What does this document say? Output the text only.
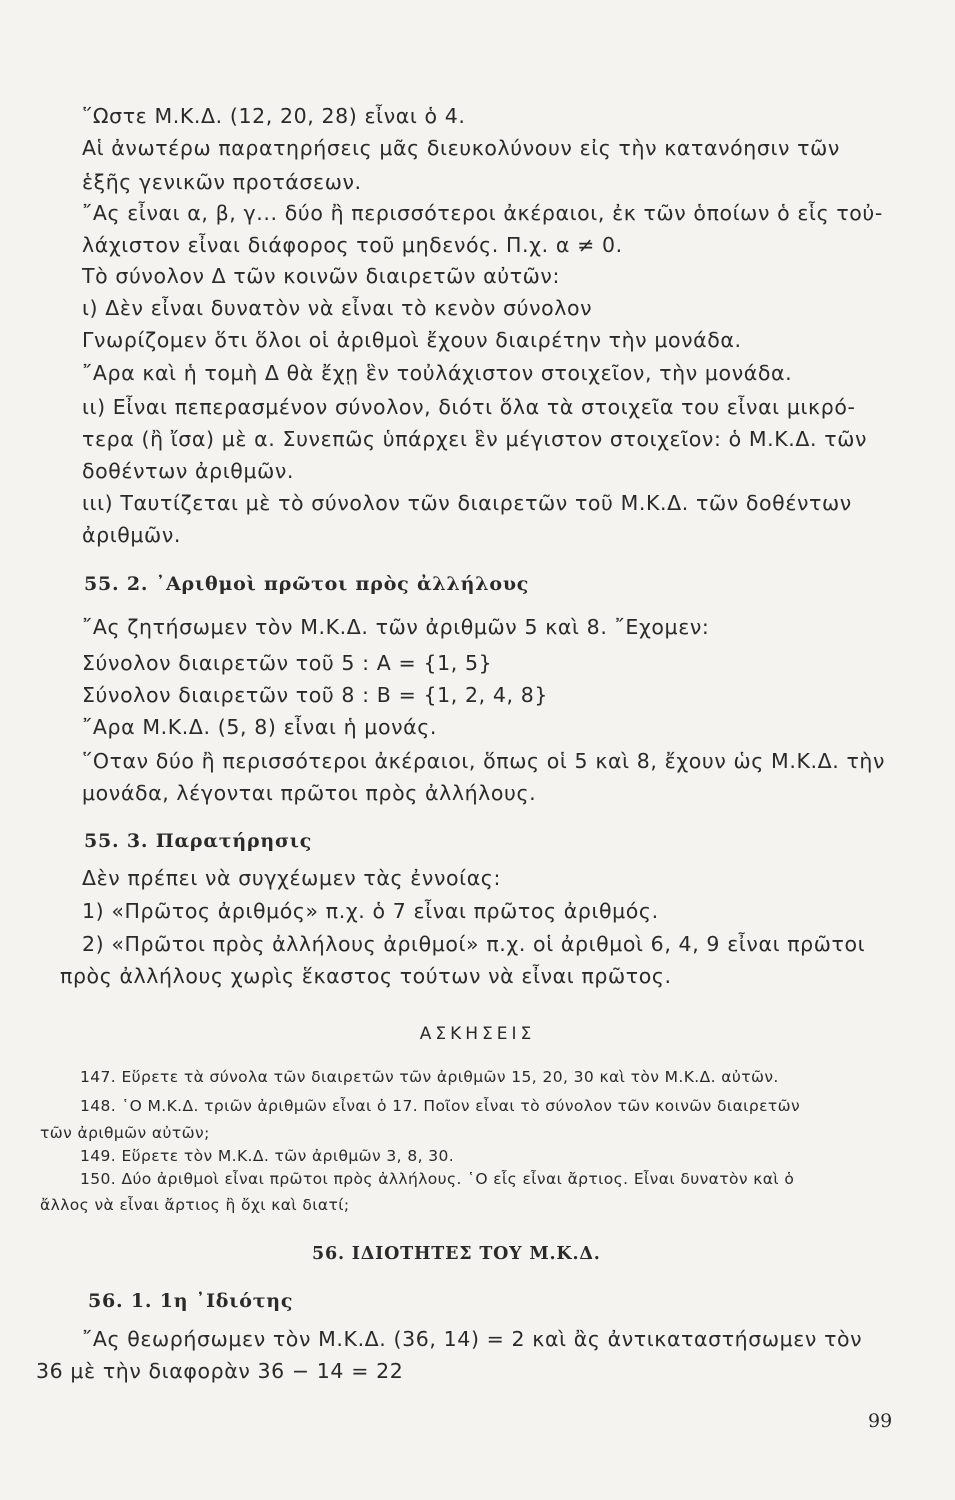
῞Ωστε Μ.Κ.Δ. (12, 20, 28) εἶναι ὁ 4.
Αἱ ἀνωτέρω παρατηρήσεις μᾶς διευκολύνουν εἰς τὴν κατανόησιν τῶν
ἑξῆς γενικῶν προτάσεων.
῎Ας εἶναι α, β, γ... δύο ἢ περισσότεροι ἀκέραιοι, ἐκ τῶν ὁποίων ὁ εἷς τοὐ-
λάχιστον εἶναι διάφορος τοῦ μηδενός. Π.χ. α ≠ 0.
Τὸ σύνολον Δ τῶν κοινῶν διαιρετῶν αὐτῶν:
ι) Δὲν εἶναι δυνατὸν νὰ εἶναι τὸ κενὸν σύνολον
Γνωρίζομεν ὅτι ὅλοι οἱ ἀριθμοὶ ἔχουν διαιρέτην τὴν μονάδα.
῎Αρα καὶ ἡ τομὴ Δ θὰ ἔχῃ ἓν τοὐλάχιστον στοιχεῖον, τὴν μονάδα.
ιι) Εἶναι πεπερασμένον σύνολον, διότι ὅλα τὰ στοιχεῖα του εἶναι μικρό-
τερα (ἢ ἴσα) μὲ α. Συνεπῶς ὑπάρχει ἓν μέγιστον στοιχεῖον: ὁ Μ.Κ.Δ. τῶν
δοθέντων ἀριθμῶν.
ιιι) Ταυτίζεται μὲ τὸ σύνολον τῶν διαιρετῶν τοῦ Μ.Κ.Δ. τῶν δοθέντων
ἀριθμῶν.
55. 2. ᾽Αριθμοὶ πρῶτοι πρὸς ἀλλήλους
῎Ας ζητήσωμεν τὸν Μ.Κ.Δ. τῶν ἀριθμῶν 5 καὶ 8. ῎Εχομεν:
Σύνολον διαιρετῶν τοῦ 5 : Α = {1, 5}
Σύνολον διαιρετῶν τοῦ 8 : Β = {1, 2, 4, 8}
῎Αρα Μ.Κ.Δ. (5, 8) εἶναι ἡ μονάς.
῞Οταν δύο ἢ περισσότεροι ἀκέραιοι, ὅπως οἱ 5 καὶ 8, ἔχουν ὡς Μ.Κ.Δ. τὴν
μονάδα, λέγονται πρῶτοι πρὸς ἀλλήλους.
55. 3. Παρατήρησις
Δὲν πρέπει νὰ συγχέωμεν τὰς ἐννοίας:
1) «Πρῶτος ἀριθμός» π.χ. ὁ 7 εἶναι πρῶτος ἀριθμός.
2) «Πρῶτοι πρὸς ἀλλήλους ἀριθμοί» π.χ. οἱ ἀριθμοὶ 6, 4, 9 εἶναι πρῶτοι
πρὸς ἀλλήλους χωρὶς ἕκαστος τούτων νὰ εἶναι πρῶτος.
ΑΣΚΗΣΕΙΣ
147. Εὕρετε τὰ σύνολα τῶν διαιρετῶν τῶν ἀριθμῶν 15, 20, 30 καὶ τὸν Μ.Κ.Δ. αὐτῶν.
148. ῾Ο Μ.Κ.Δ. τριῶν ἀριθμῶν εἶναι ὁ 17. Ποῖον εἶναι τὸ σύνολον τῶν κοινῶν διαιρετῶν
τῶν ἀριθμῶν αὐτῶν;
149. Εὕρετε τὸν Μ.Κ.Δ. τῶν ἀριθμῶν 3, 8, 30.
150. Δύο ἀριθμοὶ εἶναι πρῶτοι πρὸς ἀλλήλους. ῾Ο εἷς εἶναι ἄρτιος. Εἶναι δυνατὸν καὶ ὁ
ἄλλος νὰ εἶναι ἄρτιος ἢ ὄχι καὶ διατί;
56. ΙΔΙΟΤΗΤΕΣ ΤΟΥ Μ.Κ.Δ.
56. 1. 1η ᾽Ιδιότης
῎Ας θεωρήσωμεν τὸν Μ.Κ.Δ. (36, 14) = 2 καὶ ἂς ἀντικαταστήσωμεν τὸν
36 μὲ τὴν διαφορὰν 36 − 14 = 22
99
